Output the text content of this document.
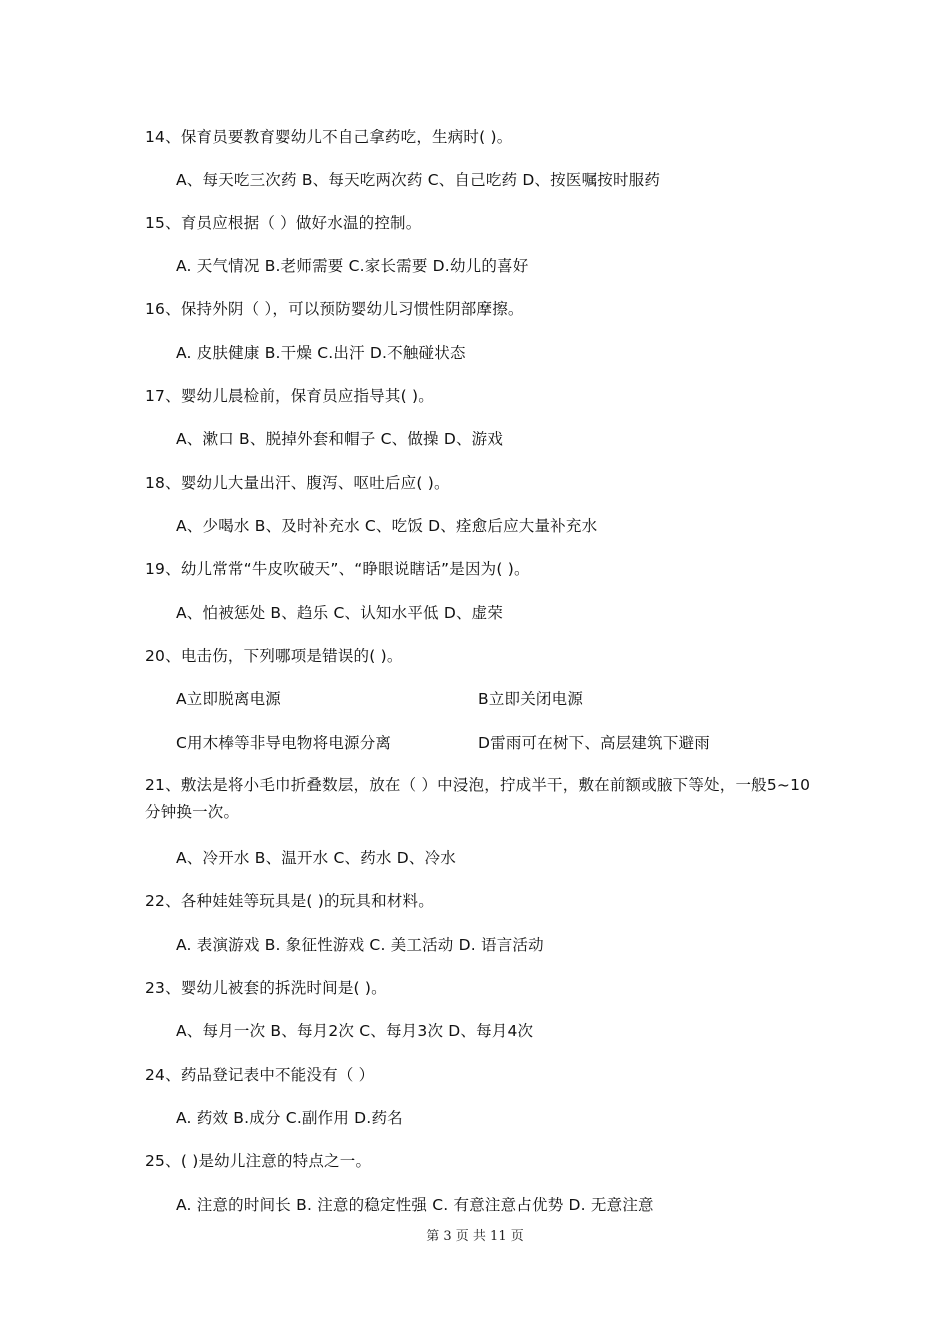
14、保育员要教育婴幼儿不自己拿药吃，生病时( )。
A、每天吃三次药 B、每天吃两次药 C、自己吃药 D、按医嘱按时服药
15、育员应根据（ ）做好水温的控制。
A. 天气情况 B.老师需要 C.家长需要 D.幼儿的喜好
16、保持外阴（ ），可以预防婴幼儿习惯性阴部摩擦。
A. 皮肤健康 B.干燥 C.出汗 D.不触碰状态
17、婴幼儿晨检前，保育员应指导其( )。
A、漱口 B、脱掉外套和帽子 C、做操 D、游戏
18、婴幼儿大量出汗、腹泻、呕吐后应( )。
A、少喝水 B、及时补充水 C、吃饭 D、痊愈后应大量补充水
19、幼儿常常“牛皮吹破天”、“睁眼说瞎话”是因为( )。
A、怕被惩处 B、趋乐 C、认知水平低 D、虚荣
20、电击伤，下列哪项是错误的( )。
A立即脱离电源	B立即关闭电源
C用木棒等非导电物将电源分离	D雷雨可在树下、高层建筑下避雨
21、敷法是将小毛巾折叠数层，放在（ ）中浸泡，拧成半干，敷在前额或腋下等处，一般5~10分钟换一次。
A、冷开水 B、温开水 C、药水 D、冷水
22、各种娃娃等玩具是( )的玩具和材料。
A. 表演游戏 B. 象征性游戏 C. 美工活动 D. 语言活动
23、婴幼儿被套的拆洗时间是( )。
A、每月一次 B、每月2次 C、每月3次 D、每月4次
24、药品登记表中不能没有（ ）
A. 药效 B.成分 C.副作用 D.药名
25、( )是幼儿注意的特点之一。
A. 注意的时间长 B. 注意的稳定性强 C. 有意注意占优势 D. 无意注意
第 3 页 共 11 页
